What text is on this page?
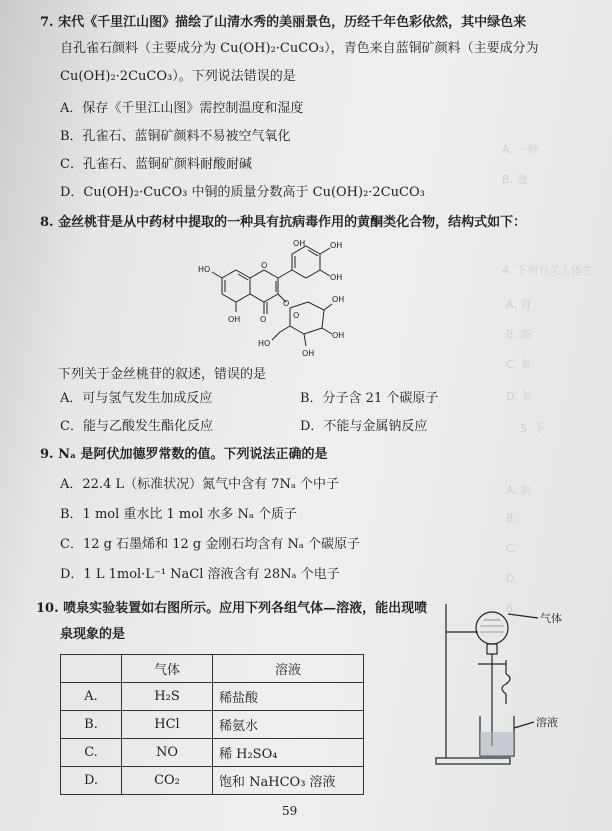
A. 一种
B. 遗
4. 下列有关人体生
A. 胃
B. 细
C. 某
D. 某
5. 下
A. 新
B.
C.
D.
6.
7. 宋代《千里江山图》描绘了山清水秀的美丽景色，历经千年色彩依然，其中绿色来
自孔雀石颜料（主要成分为 Cu(OH)₂·CuCO₃），青色来自蓝铜矿颜料（主要成分为
Cu(OH)₂·2CuCO₃）。下列说法错误的是
A．保存《千里江山图》需控制温度和湿度
B．孔雀石、蓝铜矿颜料不易被空气氧化
C．孔雀石、蓝铜矿颜料耐酸耐碱
D．Cu(OH)₂·CuCO₃ 中铜的质量分数高于 Cu(OH)₂·2CuCO₃
8. 金丝桃苷是从中药材中提取的一种具有抗病毒作用的黄酮类化合物，结构式如下：
HO
OH	OH
OH
O
OH
OH
O
O
OH
O
HO
OH
下列关于金丝桃苷的叙述，错误的是
A．可与氢气发生加成反应	B．分子含 21 个碳原子
C．能与乙酸发生酯化反应	D．不能与金属钠反应
9. Nₐ 是阿伏加德罗常数的值。下列说法正确的是
A．22.4 L（标准状况）氮气中含有 7Nₐ 个中子
B．1 mol 重水比 1 mol 水多 Nₐ 个质子
C．12 g 石墨烯和 12 g 金刚石均含有 Nₐ 个碳原子
D．1 L 1mol·L⁻¹ NaCl 溶液含有 28Nₐ 个电子
10. 喷泉实验装置如右图所示。应用下列各组气体—溶液，能出现喷
泉现象的是
	气体	溶液
A.	H₂S	稀盐酸
B.	HCl	稀氨水
C.	NO	稀 H₂SO₄
D.	CO₂	饱和 NaHCO₃ 溶液
气体
溶液
59
